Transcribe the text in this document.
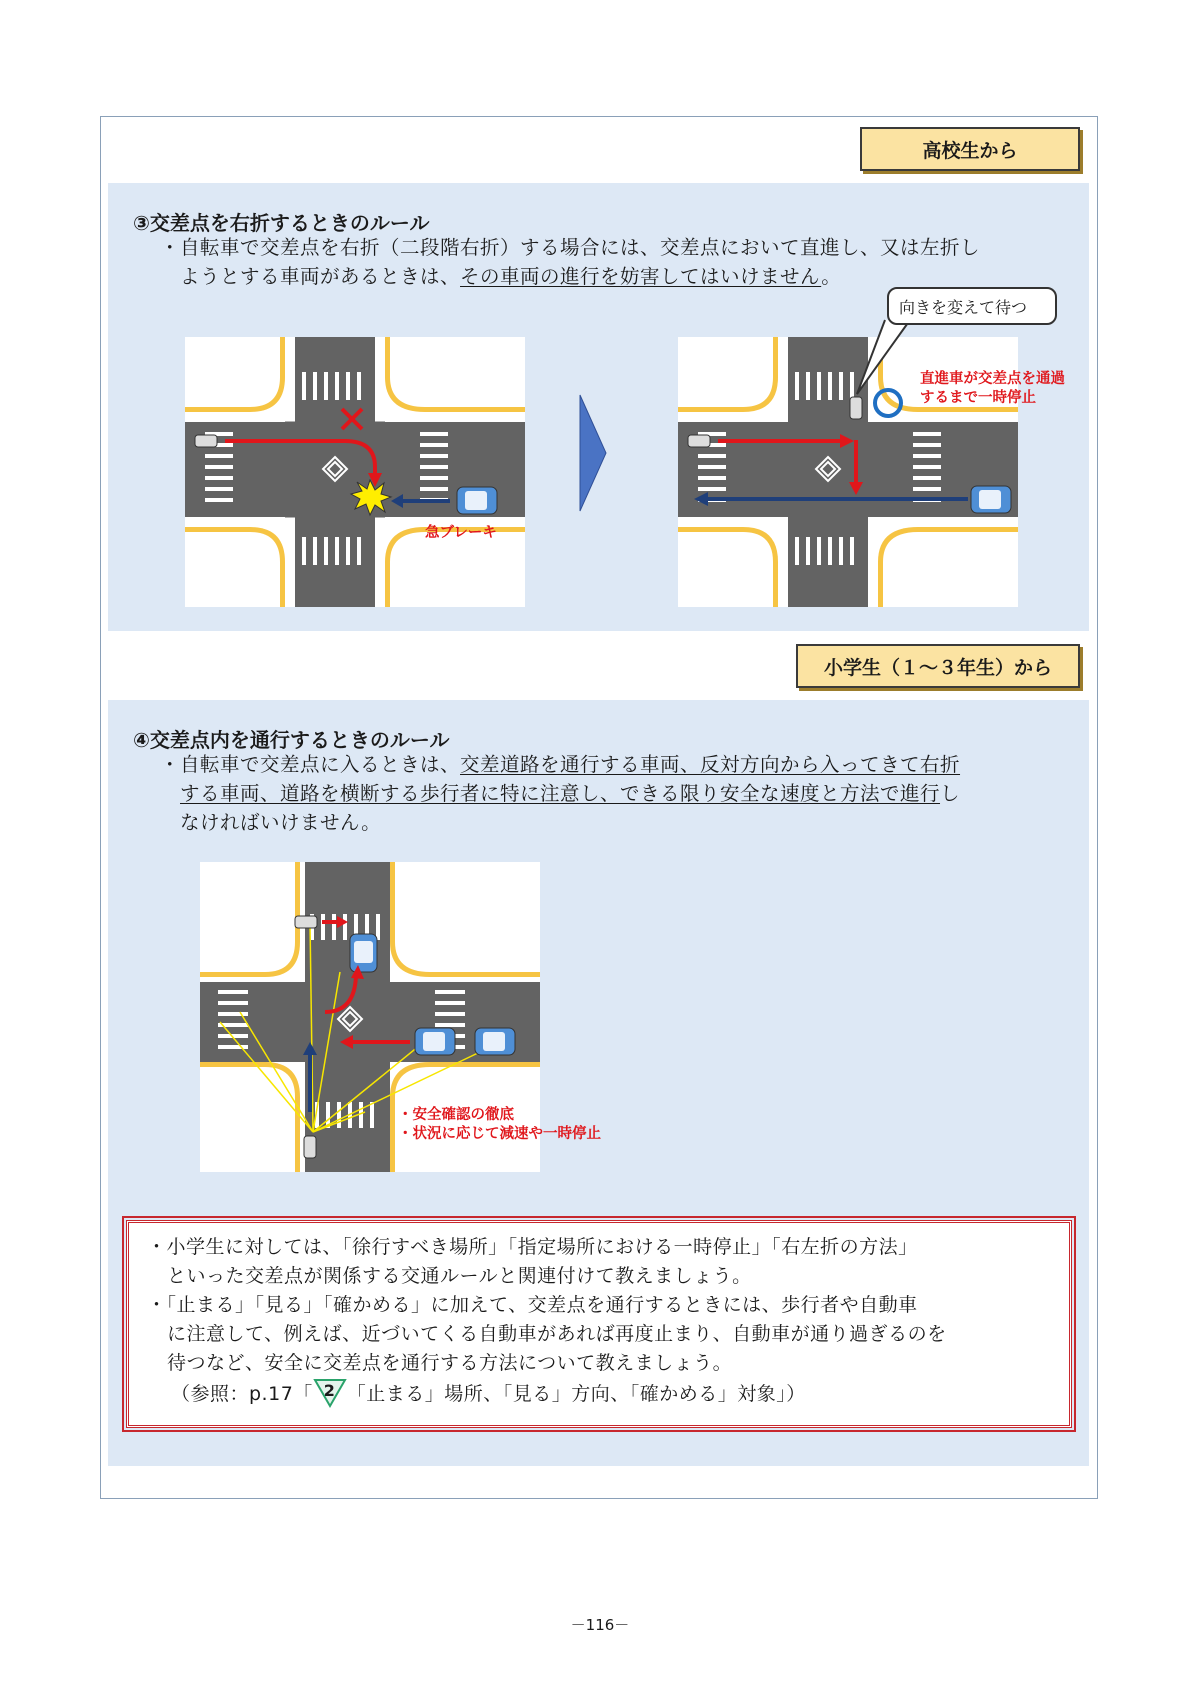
高校生から
③交差点を右折するときのルール

・自転車で交差点を右折（二段階右折）する場合には、交差点において直進し、又は左折し

ようとする車両があるときは、その車両の進行を妨害してはいけません。

急ブレーキ
向きを変えて待つ
直進車が交差点を通過
するまで一時停止
小学生（１～３年生）から
④交差点内を通行するときのルール

・自転車で交差点に入るときは、交差道路を通行する車両、反対方向から入ってきて右折

する車両、道路を横断する歩行者に特に注意し、できる限り安全な速度と方法で進行し

なければいけません。

・安全確認の徹底
・状況に応じて減速や一時停止

・小学生に対しては、「徐行すべき場所」「指定場所における一時停止」「右左折の方法」

といった交差点が関係する交通ルールと関連付けて教えましょう。

・「止まる」「見る」「確かめる」に加えて、交差点を通行するときには、歩行者や自動車

に注意して、例えば、近づいてくる自動車があれば再度止まり、自動車が通り過ぎるのを

待つなど、安全に交差点を通行する方法について教えましょう。

（参照：p.17「 2 「止まる」場所、「見る」方向、「確かめる」対象」）

－116－
